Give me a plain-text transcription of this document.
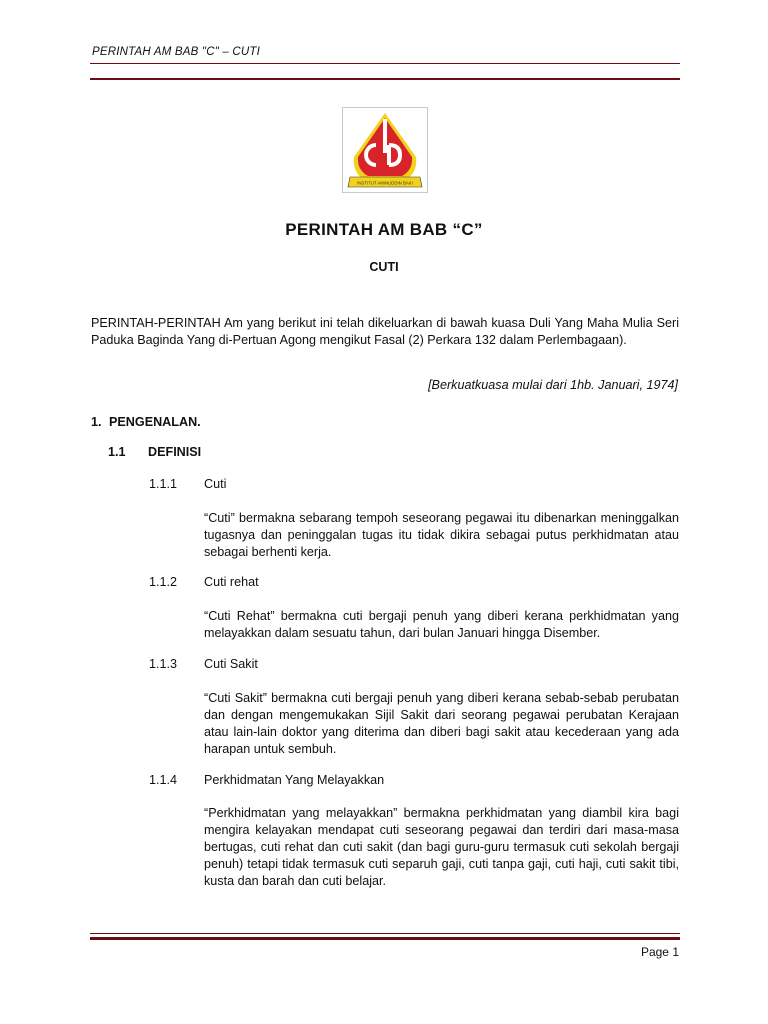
PERINTAH AM BAB "C" – CUTI
INSTITUT AMINUDDIN BAKI
PERINTAH AM BAB “C”
CUTI
PERINTAH-PERINTAH Am yang berikut ini telah dikeluarkan di bawah kuasa Duli Yang Maha Mulia Seri Paduka Baginda Yang di-Pertuan Agong mengikut Fasal (2) Perkara 132 dalam Perlembagaan).
[Berkuatkuasa mulai dari 1hb. Januari, 1974]
1. PENGENALAN.
1.1 DEFINISI
1.1.1 Cuti
“Cuti” bermakna sebarang tempoh seseorang pegawai itu dibenarkan meninggalkan tugasnya dan peninggalan tugas itu tidak dikira sebagai putus perkhidmatan atau sebagai berhenti kerja.
1.1.2 Cuti rehat
“Cuti Rehat” bermakna cuti bergaji penuh yang diberi kerana perkhidmatan yang melayakkan dalam sesuatu tahun, dari bulan Januari hingga Disember.
1.1.3 Cuti Sakit
“Cuti Sakit” bermakna cuti bergaji penuh yang diberi kerana sebab-sebab perubatan dan dengan mengemukakan Sijil Sakit dari seorang pegawai perubatan Kerajaan atau lain-lain doktor yang diterima dan diberi bagi sakit atau kecederaan yang ada harapan untuk sembuh.
1.1.4 Perkhidmatan Yang Melayakkan
“Perkhidmatan yang melayakkan” bermakna perkhidmatan yang diambil kira bagi mengira kelayakan mendapat cuti seseorang pegawai dan terdiri dari masa-masa bertugas, cuti rehat dan cuti sakit (dan bagi guru-guru termasuk cuti sekolah bergaji penuh) tetapi tidak termasuk cuti separuh gaji, cuti tanpa gaji, cuti haji, cuti sakit tibi, kusta dan barah dan cuti belajar.
Page 1
